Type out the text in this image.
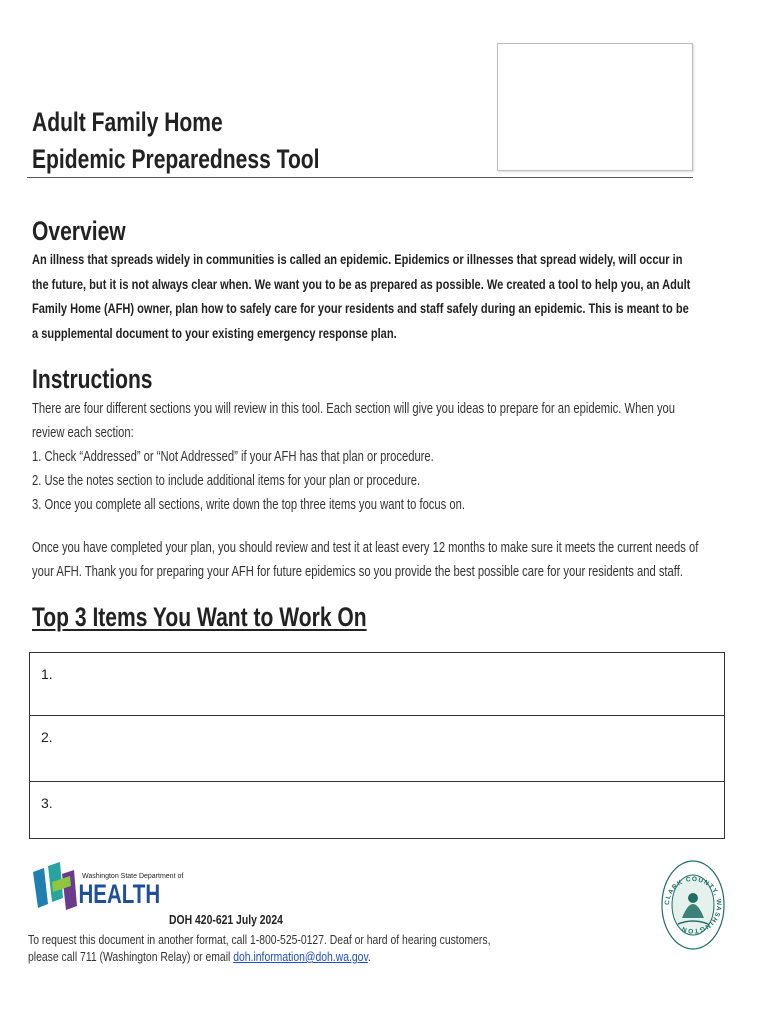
Adult Family Home
Epidemic Preparedness Tool
Overview
An illness that spreads widely in communities is called an epidemic. Epidemics or illnesses that spread widely, will occur in
the future, but it is not always clear when. We want you to be as prepared as possible. We created a tool to help you, an Adult
Family Home (AFH) owner, plan how to safely care for your residents and staff safely during an epidemic. This is meant to be
a supplemental document to your existing emergency response plan.
Instructions
There are four different sections you will review in this tool. Each section will give you ideas to prepare for an epidemic. When you
review each section:
1. Check “Addressed” or “Not Addressed” if your AFH has that plan or procedure.
2. Use the notes section to include additional items for your plan or procedure.
3. Once you complete all sections, write down the top three items you want to focus on.
Once you have completed your plan, you should review and test it at least every 12 months to make sure it meets the current needs of
your AFH. Thank you for preparing your AFH for future epidemics so you provide the best possible care for your residents and staff.
Top 3 Items You Want to Work On
1.
2.
3.
Washington State Department of
HEALTH
DOH 420-621 July 2024
To request this document in another format, call 1-800-525-0127. Deaf or hard of hearing customers,
please call 711 (Washington Relay) or email doh.information@doh.wa.gov.
CLARK COUNTY, WASHINGTON
